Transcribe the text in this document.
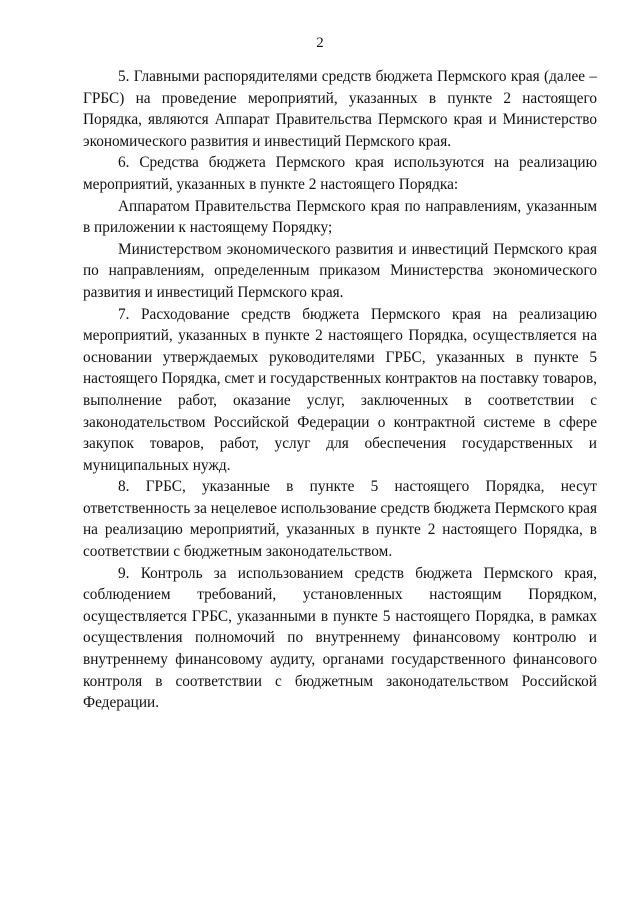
2

5. Главными распорядителями средств бюджета Пермского края (далее – ГРБС) на проведение мероприятий, указанных в пункте 2 настоящего Порядка, являются Аппарат Правительства Пермского края и Министерство экономического развития и инвестиций Пермского края.

6. Средства бюджета Пермского края используются на реализацию мероприятий, указанных в пункте 2 настоящего Порядка:

Аппаратом Правительства Пермского края по направлениям, указанным в приложении к настоящему Порядку;

Министерством экономического развития и инвестиций Пермского края по направлениям, определенным приказом Министерства экономического развития и инвестиций Пермского края.

7. Расходование средств бюджета Пермского края на реализацию мероприятий, указанных в пункте 2 настоящего Порядка, осуществляется на основании утверждаемых руководителями ГРБС, указанных в пункте 5 настоящего Порядка, смет и государственных контрактов на поставку товаров, выполнение работ, оказание услуг, заключенных в соответствии с законодательством Российской Федерации о контрактной системе в сфере закупок товаров, работ, услуг для обеспечения государственных и муниципальных нужд.

8. ГРБС, указанные в пункте 5 настоящего Порядка, несут ответственность за нецелевое использование средств бюджета Пермского края на реализацию мероприятий, указанных в пункте 2 настоящего Порядка, в соответствии с бюджетным законодательством.

9. Контроль за использованием средств бюджета Пермского края, соблюдением требований, установленных настоящим Порядком, осуществляется ГРБС, указанными в пункте 5 настоящего Порядка, в рамках осуществления полномочий по внутреннему финансовому контролю и внутреннему финансовому аудиту, органами государственного финансового контроля в соответствии с бюджетным законодательством Российской Федерации.
